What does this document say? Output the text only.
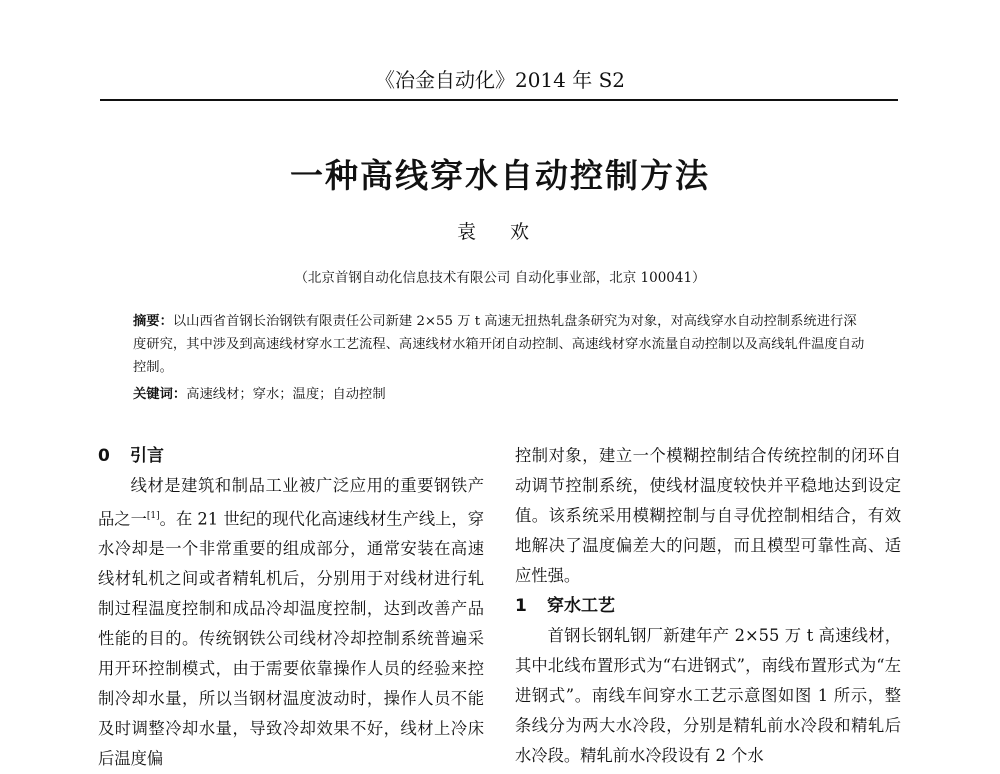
《冶金自动化》2014 年 S2
一种高线穿水自动控制方法
袁 欢
（北京首钢自动化信息技术有限公司 自动化事业部，北京 100041）
摘要：以山西省首钢长治钢铁有限责任公司新建 2×55 万 t 高速无扭热轧盘条研究为对象，对高线穿水自动控制系统进行深度研究，其中涉及到高速线材穿水工艺流程、高速线材水箱开闭自动控制、高速线材穿水流量自动控制以及高线轧件温度自动控制。
关键词：高速线材；穿水；温度；自动控制
0 引言

线材是建筑和制品工业被广泛应用的重要钢铁产品之一[1]。在 21 世纪的现代化高速线材生产线上，穿水冷却是一个非常重要的组成部分，通常安装在高速线材轧机之间或者精轧机后，分别用于对线材进行轧制过程温度控制和成品冷却温度控制，达到改善产品性能的目的。传统钢铁公司线材冷却控制系统普遍采用开环控制模式，由于需要依靠操作人员的经验来控制冷却水量，所以当钢材温度波动时，操作人员不能及时调整冷却水量，导致冷却效果不好，线材上冷床后温度偏

控制对象，建立一个模糊控制结合传统控制的闭环自动调节控制系统，使线材温度较快并平稳地达到设定值。该系统采用模糊控制与自寻优控制相结合，有效地解决了温度偏差大的问题，而且模型可靠性高、适应性强。

1 穿水工艺

首钢长钢轧钢厂新建年产 2×55 万 t 高速线材，其中北线布置形式为“右进钢式”，南线布置形式为“左进钢式”。南线车间穿水工艺示意图如图 1 所示，整条线分为两大水冷段，分别是精轧前水冷段和精轧后水冷段。精轧前水冷段设有 2 个水
